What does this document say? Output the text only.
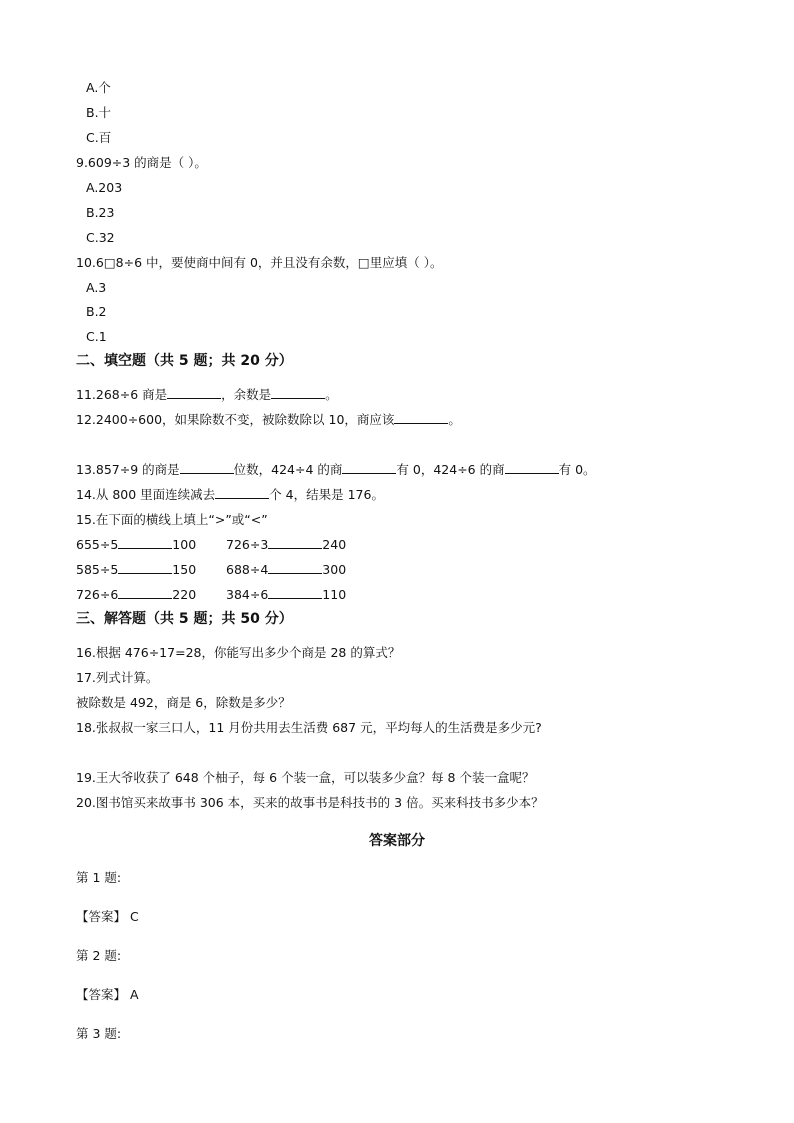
A.个
B.十
C.百
9.609÷3 的商是（ ）。
A.203
B.23
C.32
10.6□8÷6 中，要使商中间有 0，并且没有余数，□里应填（ ）。
A.3
B.2
C.1
二、填空题（共 5 题；共 20 分）
11.268÷6 商是	，余数是	。
12.2400÷600，如果除数不变，被除数除以 10，商应该	。
13.857÷9 的商是	位数，424÷4 的商	有 0，424÷6 的商	有 0。
14.从 800 里面连续减去	个 4，结果是 176。
15.在下面的横线上填上“>”或“<”
655÷5	100 726÷3	240
585÷5	150 688÷4	300
726÷6	220 384÷6	110
三、解答题（共 5 题；共 50 分）
16.根据 476÷17=28，你能写出多少个商是 28 的算式？
17.列式计算。
被除数是 492，商是 6，除数是多少？
18.张叔叔一家三口人，11 月份共用去生活费 687 元，平均每人的生活费是多少元?
19.王大爷收获了 648 个柚子，每 6 个装一盒，可以装多少盒？每 8 个装一盒呢？
20.图书馆买来故事书 306 本，买来的故事书是科技书的 3 倍。买来科技书多少本？
答案部分
第 1 题:
【答案】 C
第 2 题:
【答案】 A
第 3 题:
